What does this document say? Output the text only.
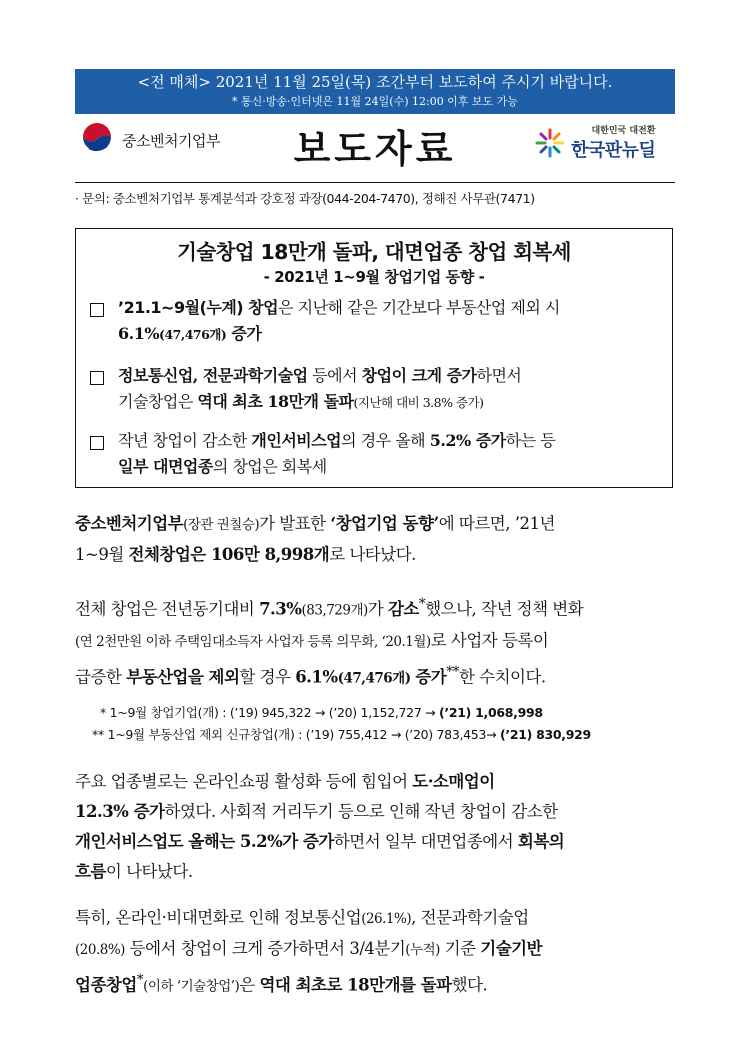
<전 매체> 2021년 11월 25일(목) 조간부터 보도하여 주시기 바랍니다.
* 통신·방송·인터넷은 11월 24일(수) 12:00 이후 보도 가능
중소벤처기업부	보도자료	대한민국 대전환
한국판뉴딜
· 문의: 중소벤처기업부 통계분석과 강호정 과장(044-204-7470), 정해진 사무관(7471)
기술창업 18만개 돌파, 대면업종 창업 회복세
- 2021년 1~9월 창업기업 동향 -
’21.1~9월(누계) 창업은 지난해 같은 기간보다 부동산업 제외 시
6.1%(47,476개) 증가
정보통신업, 전문과학기술업 등에서 창업이 크게 증가하면서
기술창업은 역대 최초 18만개 돌파(지난해 대비 3.8% 증가)
작년 창업이 감소한 개인서비스업의 경우 올해 5.2% 증가하는 등
일부 대면업종의 창업은 회복세
중소벤처기업부(장관 권칠승)가 발표한 ‘창업기업 동향’에 따르면, ’21년
1~9월 전체창업은 106만 8,998개로 나타났다.
전체 창업은 전년동기대비 7.3%(83,729개)가 감소*했으나, 작년 정책 변화
(연 2천만원 이하 주택임대소득자 사업자 등록 의무화, ‘20.1월)로 사업자 등록이
급증한 부동산업을 제외할 경우 6.1%(47,476개) 증가**한 수치이다.
* 1~9월 창업기업(개) : (’19) 945,322 → (’20) 1,152,727 → (’21) 1,068,998
** 1~9월 부동산업 제외 신규창업(개) : (’19) 755,412 → (’20) 783,453→ (’21) 830,929
주요 업종별로는 온라인쇼핑 활성화 등에 힘입어 도·소매업이
12.3% 증가하였다. 사회적 거리두기 등으로 인해 작년 창업이 감소한
개인서비스업도 올해는 5.2%가 증가하면서 일부 대면업종에서 회복의
흐름이 나타났다.
특히, 온라인·비대면화로 인해 정보통신업(26.1%), 전문과학기술업
(20.8%) 등에서 창업이 크게 증가하면서 3/4분기(누적) 기준 기술기반
업종창업*(이하 ‘기술창업’)은 역대 최초로 18만개를 돌파했다.
